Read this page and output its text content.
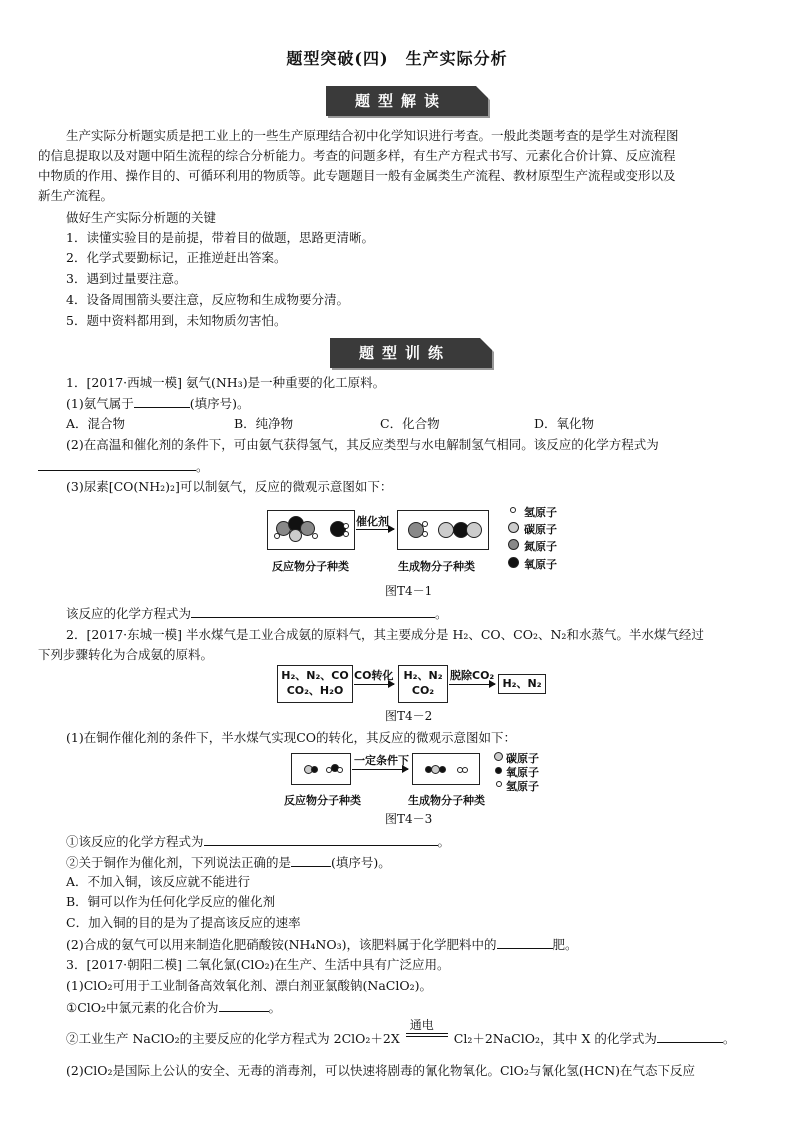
题型突破(四)　生产实际分析
题型解读
生产实际分析题实质是把工业上的一些生产原理结合初中化学知识进行考查。一般此类题考查的是学生对流程图
的信息提取以及对题中陌生流程的综合分析能力。考查的问题多样，有生产方程式书写、元素化合价计算、反应流程
中物质的作用、操作目的、可循环利用的物质等。此专题题目一般有金属类生产流程、教材原型生产流程或变形以及
新生产流程。
做好生产实际分析题的关键
1．读懂实验目的是前提，带着目的做题，思路更清晰。
2．化学式要勤标记，正推逆赶出答案。
3．遇到过量要注意。
4．设备周围箭头要注意，反应物和生成物要分清。
5．题中资料都用到，未知物质勿害怕。
题型训练
1．[2017·西城一模] 氨气(NH₃)是一种重要的化工原料。
(1)氨气属于	(填序号)。
A．混合物	B．纯净物	C．化合物	D．氧化物
(2)在高温和催化剂的条件下，可由氨气获得氢气，其反应类型与水电解制氢气相同。该反应的化学方程式为
。
(3)尿素[CO(NH₂)₂]可以制氨气，反应的微观示意图如下：
催化剂
反应物分子种类	生成物分子种类
氢原子
碳原子
氮原子
氧原子
图T4－1
该反应的化学方程式为	。
2．[2017·东城一模] 半水煤气是工业合成氨的原料气，其主要成分是 H₂、CO、CO₂、N₂和水蒸气。半水煤气经过
下列步骤转化为合成氨的原料。
H₂、N₂、CO
CO₂、H₂O
CO转化 H₂、N₂
CO₂
脱除CO₂
H₂、N₂
图T4－2
(1)在铜作催化剂的条件下，半水煤气实现CO的转化，其反应的微观示意图如下：
一定条件下
反应物分子种类	生成物分子种类
碳原子
氧原子
氢原子
图T4－3
①该反应的化学方程式为	。
②关于铜作为催化剂，下列说法正确的是	(填序号)。
A．不加入铜，该反应就不能进行
B．铜可以作为任何化学反应的催化剂
C．加入铜的目的是为了提高该反应的速率
(2)合成的氨气可以用来制造化肥硝酸铵(NH₄NO₃)，该肥料属于化学肥料中的	肥。
3．[2017·朝阳二模] 二氧化氯(ClO₂)在生产、生活中具有广泛应用。
(1)ClO₂可用于工业制备高效氧化剂、漂白剂亚氯酸钠(NaClO₂)。
①ClO₂中氯元素的化合价为	。
②工业生产 NaClO₂的主要反应的化学方程式为 2ClO₂＋2X
通电
Cl₂＋2NaClO₂，其中 X 的化学式为	。
(2)ClO₂是国际上公认的安全、无毒的消毒剂，可以快速将剧毒的氰化物氧化。ClO₂与氰化氢(HCN)在气态下反应
